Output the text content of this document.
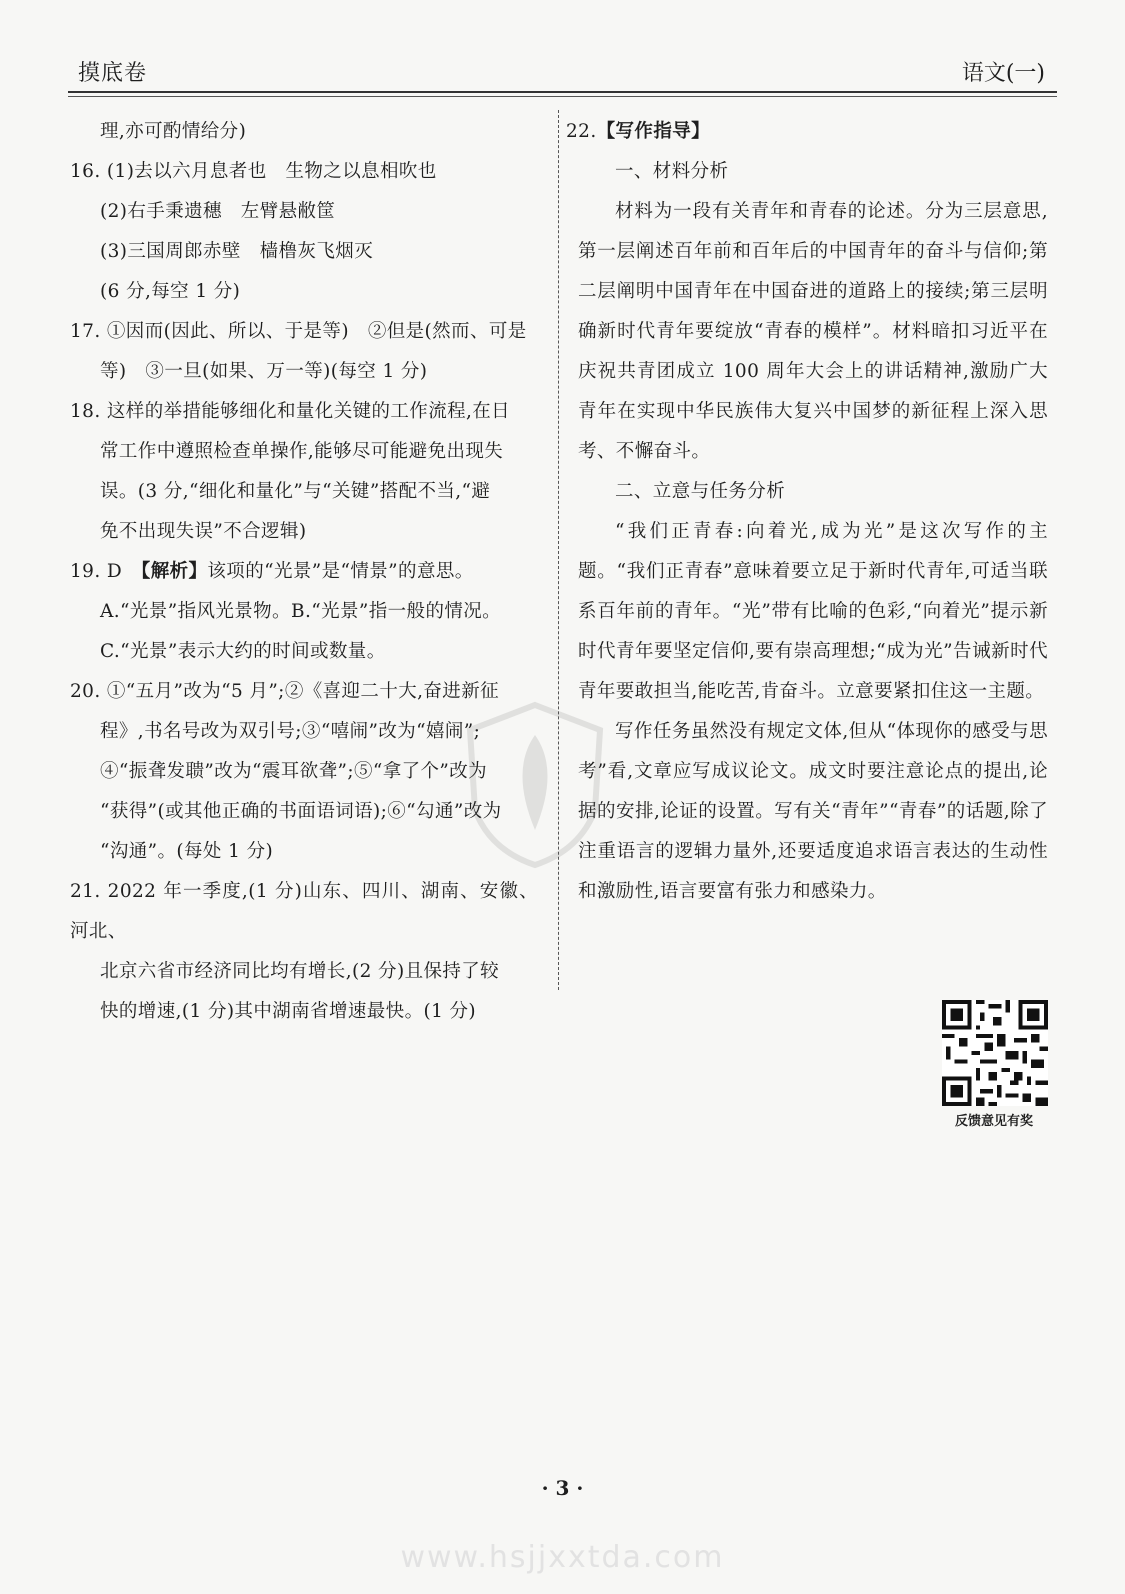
摸底卷	语文(一)

理,亦可酌情给分)

16. (1)去以六月息者也　生物之以息相吹也

(2)右手秉遗穗　左臂悬敝筐

(3)三国周郎赤壁　樯橹灰飞烟灭

(6 分,每空 1 分)

17. ①因而(因此、所以、于是等)　②但是(然而、可是

等)　③一旦(如果、万一等)(每空 1 分)

18. 这样的举措能够细化和量化关键的工作流程,在日

常工作中遵照检查单操作,能够尽可能避免出现失

误。(3 分,“细化和量化”与“关键”搭配不当,“避

免不出现失误”不合逻辑)

19. D　【解析】该项的“光景”是“情景”的意思。

A.“光景”指风光景物。B.“光景”指一般的情况。

C.“光景”表示大约的时间或数量。

20. ①“五月”改为“5 月”;②《喜迎二十大,奋进新征

程》,书名号改为双引号;③“嘻闹”改为“嬉闹”;

④“振聋发聩”改为“震耳欲聋”;⑤“拿了个”改为

“获得”(或其他正确的书面语词语);⑥“勾通”改为

“沟通”。(每处 1 分)

21. 2022 年一季度,(1 分)山东、四川、湖南、安徽、河北、

北京六省市经济同比均有增长,(2 分)且保持了较

快的增速,(1 分)其中湖南省增速最快。(1 分)

22.【写作指导】

一、材料分析

材料为一段有关青年和青春的论述。分为三层意思,第一层阐述百年前和百年后的中国青年的奋斗与信仰;第二层阐明中国青年在中国奋进的道路上的接续;第三层明确新时代青年要绽放“青春的模样”。材料暗扣习近平在庆祝共青团成立 100 周年大会上的讲话精神,激励广大青年在实现中华民族伟大复兴中国梦的新征程上深入思考、不懈奋斗。

二、立意与任务分析

“我们正青春:向着光,成为光”是这次写作的主题。“我们正青春”意味着要立足于新时代青年,可适当联系百年前的青年。“光”带有比喻的色彩,“向着光”提示新时代青年要坚定信仰,要有崇高理想;“成为光”告诫新时代青年要敢担当,能吃苦,肯奋斗。立意要紧扣住这一主题。

写作任务虽然没有规定文体,但从“体现你的感受与思考”看,文章应写成议论文。成文时要注意论点的提出,论据的安排,论证的设置。写有关“青年”“青春”的话题,除了注重语言的逻辑力量外,还要适度追求语言表达的生动性和激励性,语言要富有张力和感染力。

反馈意见有奖
· 3 ·
www.hsjjxxtda.com
